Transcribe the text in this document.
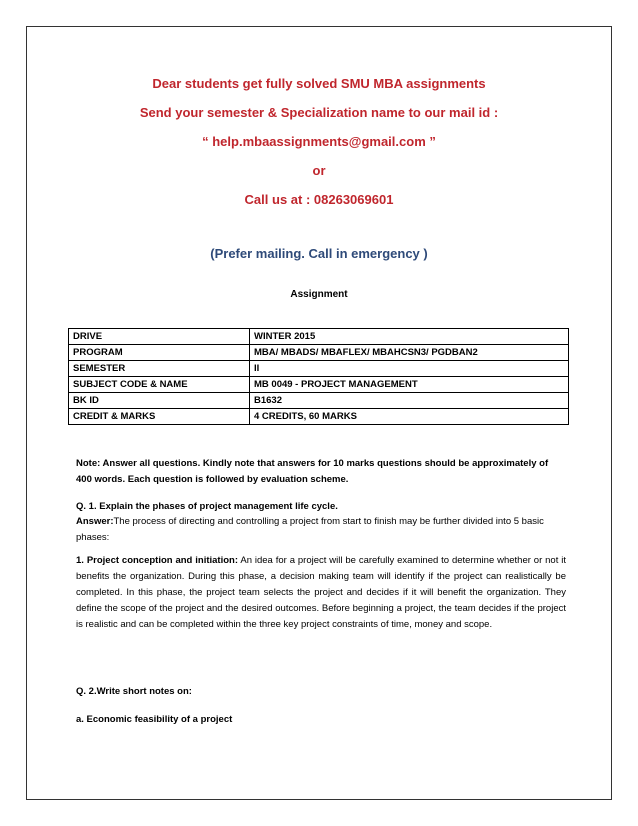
Dear students get fully solved SMU MBA assignments
Send your semester & Specialization name to our mail id :
“ help.mbaassignments@gmail.com ”
or
Call us at : 08263069601
(Prefer mailing. Call in emergency )
Assignment
DRIVE	WINTER 2015
PROGRAM	MBA/ MBADS/ MBAFLEX/ MBAHCSN3/ PGDBAN2
SEMESTER	II
SUBJECT CODE & NAME	MB 0049 - PROJECT MANAGEMENT
BK ID	B1632
CREDIT & MARKS	4 CREDITS, 60 MARKS
Note: Answer all questions. Kindly note that answers for 10 marks questions should be approximately of 400 words. Each question is followed by evaluation scheme.
Q. 1. Explain the phases of project management life cycle.
Answer:The process of directing and controlling a project from start to finish may be further divided into 5 basic phases:
1. Project conception and initiation: An idea for a project will be carefully examined to determine whether or not it benefits the organization. During this phase, a decision making team will identify if the project can realistically be completed. In this phase, the project team selects the project and decides if it will benefit the organization. They define the scope of the project and the desired outcomes. Before beginning a project, the team decides if the project is realistic and can be completed within the three key project constraints of time, money and scope.
Q. 2.Write short notes on:
a. Economic feasibility of a project
